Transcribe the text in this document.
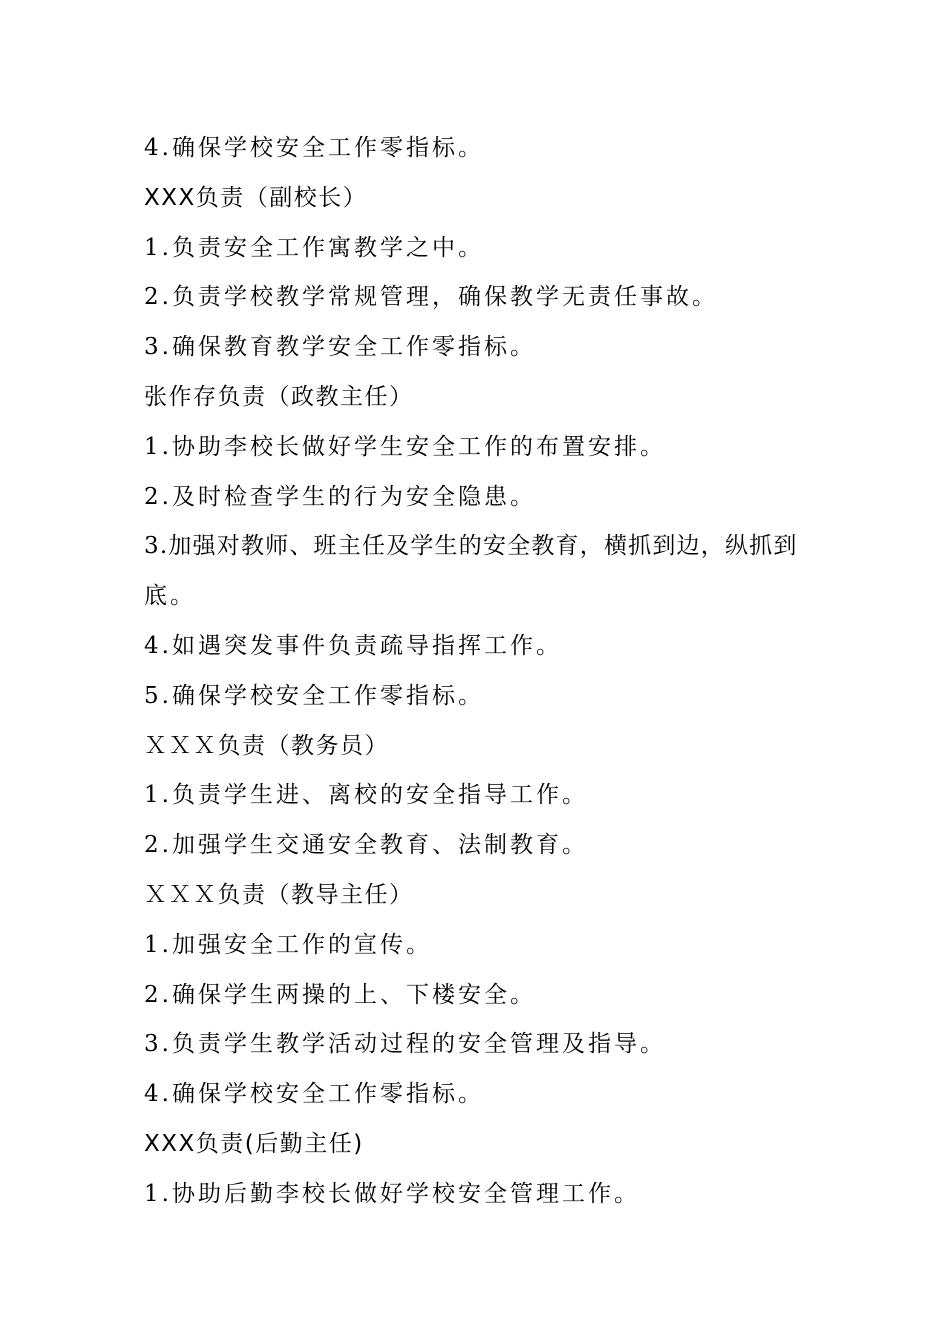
4.确保学校安全工作零指标。
XXX负责（副校长）
1.负责安全工作寓教学之中。
2.负责学校教学常规管理，确保教学无责任事故。
3.确保教育教学安全工作零指标。
张作存负责（政教主任）
1.协助李校长做好学生安全工作的布置安排。
2.及时检查学生的行为安全隐患。
3.加强对教师、班主任及学生的安全教育，横抓到边，纵抓到
底。
4.如遇突发事件负责疏导指挥工作。
5.确保学校安全工作零指标。
ＸＸＸ负责（教务员）
1.负责学生进、离校的安全指导工作。
2.加强学生交通安全教育、法制教育。
ＸＸＸ负责（教导主任）
1.加强安全工作的宣传。
2.确保学生两操的上、下楼安全。
3.负责学生教学活动过程的安全管理及指导。
4.确保学校安全工作零指标。
XXX负责(后勤主任)
1.协助后勤李校长做好学校安全管理工作。
